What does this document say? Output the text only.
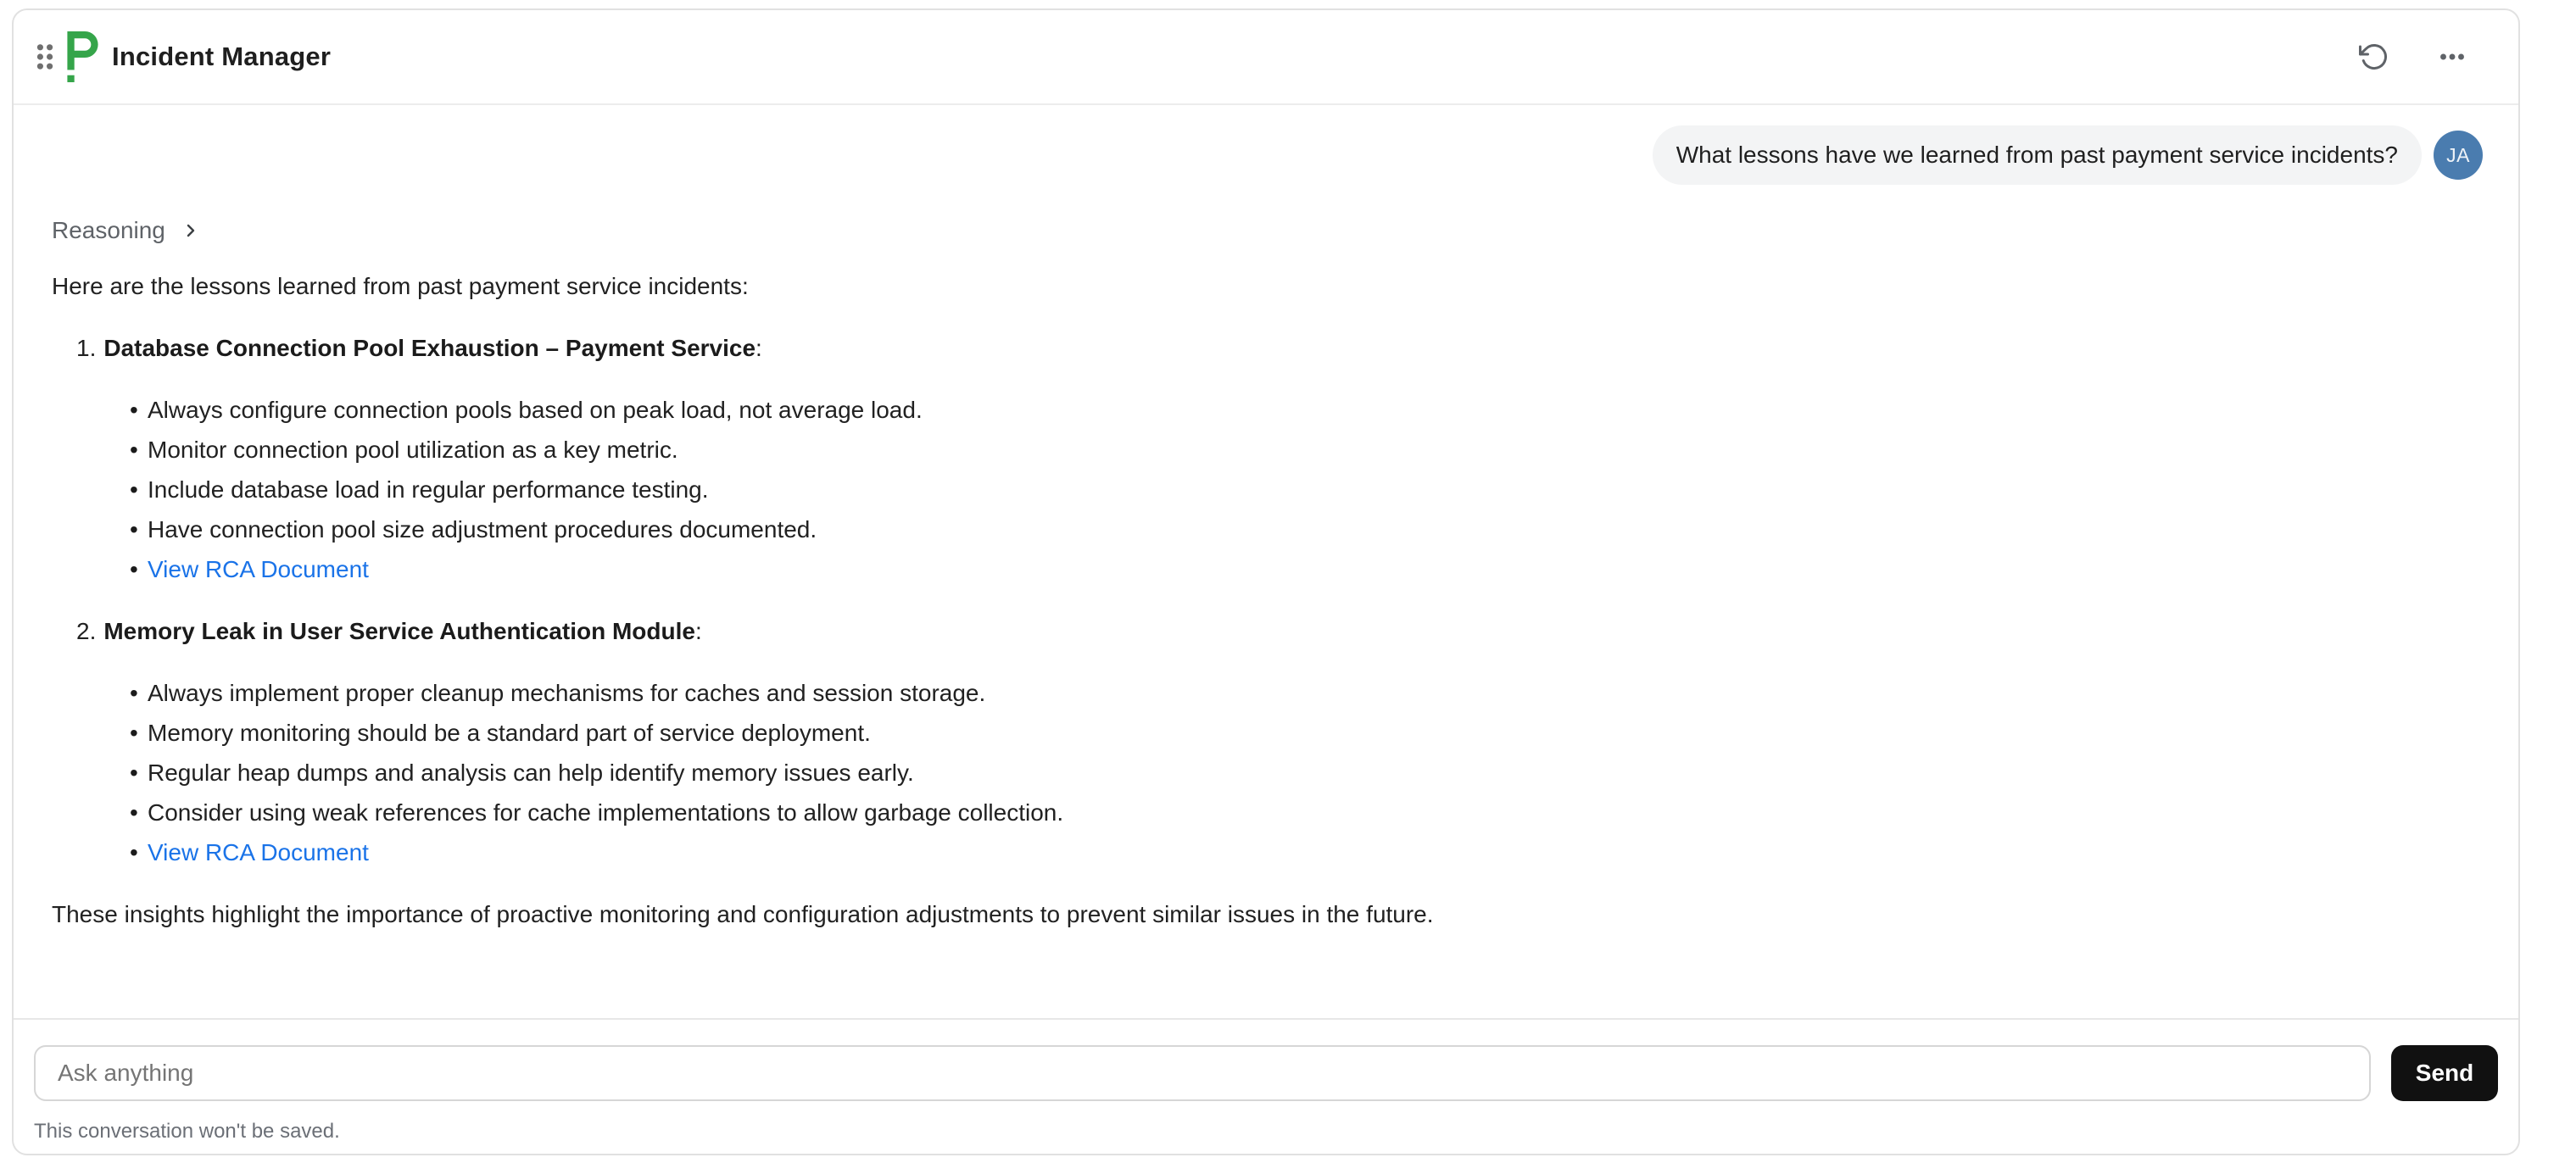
Incident Manager
What lessons have we learned from past payment service incidents?	JA
Reasoning

Here are the lessons learned from past payment service incidents:

1. Database Connection Pool Exhaustion – Payment Service:
• Always configure connection pools based on peak load, not average load.
• Monitor connection pool utilization as a key metric.
• Include database load in regular performance testing.
• Have connection pool size adjustment procedures documented.
• View RCA Document
2. Memory Leak in User Service Authentication Module:
• Always implement proper cleanup mechanisms for caches and session storage.
• Memory monitoring should be a standard part of service deployment.
• Regular heap dumps and analysis can help identify memory issues early.
• Consider using weak references for cache implementations to allow garbage collection.
• View RCA Document

These insights highlight the importance of proactive monitoring and configuration adjustments to prevent similar issues in the future.

Ask anything
Send
This conversation won't be saved.
